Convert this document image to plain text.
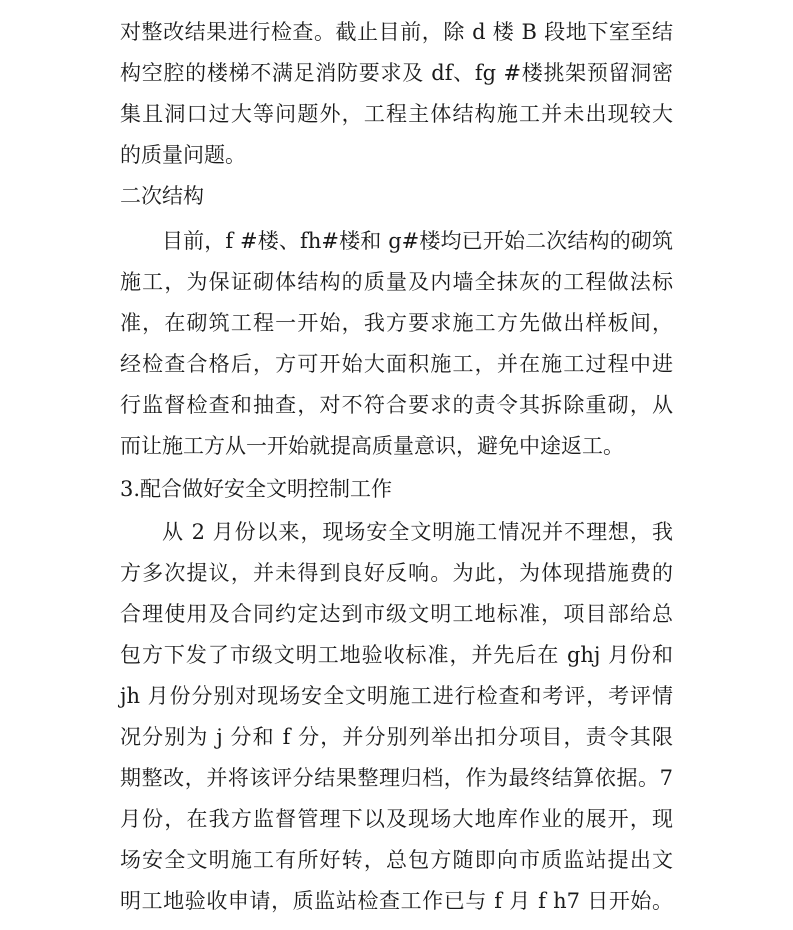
对整改结果进行检查。截止目前，除 d 楼 B 段地下室至结
构空腔的楼梯不满足消防要求及 df、fg #楼挑架预留洞密
集且洞口过大等问题外，工程主体结构施工并未出现较大
的质量问题。
二次结构
目前，f #楼、fh#楼和 g#楼均已开始二次结构的砌筑
施工，为保证砌体结构的质量及内墙全抹灰的工程做法标
准，在砌筑工程一开始，我方要求施工方先做出样板间，
经检查合格后，方可开始大面积施工，并在施工过程中进
行监督检查和抽查，对不符合要求的责令其拆除重砌，从
而让施工方从一开始就提高质量意识，避免中途返工。
3.配合做好安全文明控制工作
从 2 月份以来，现场安全文明施工情况并不理想，我
方多次提议，并未得到良好反响。为此，为体现措施费的
合理使用及合同约定达到市级文明工地标准，项目部给总
包方下发了市级文明工地验收标准，并先后在 ghj 月份和
jh 月份分别对现场安全文明施工进行检查和考评，考评情
况分别为 j 分和 f 分，并分别列举出扣分项目，责令其限
期整改，并将该评分结果整理归档，作为最终结算依据。7
月份，在我方监督管理下以及现场大地库作业的展开，现
场安全文明施工有所好转，总包方随即向市质监站提出文
明工地验收申请，质监站检查工作已与 f 月 f h7 日开始。
